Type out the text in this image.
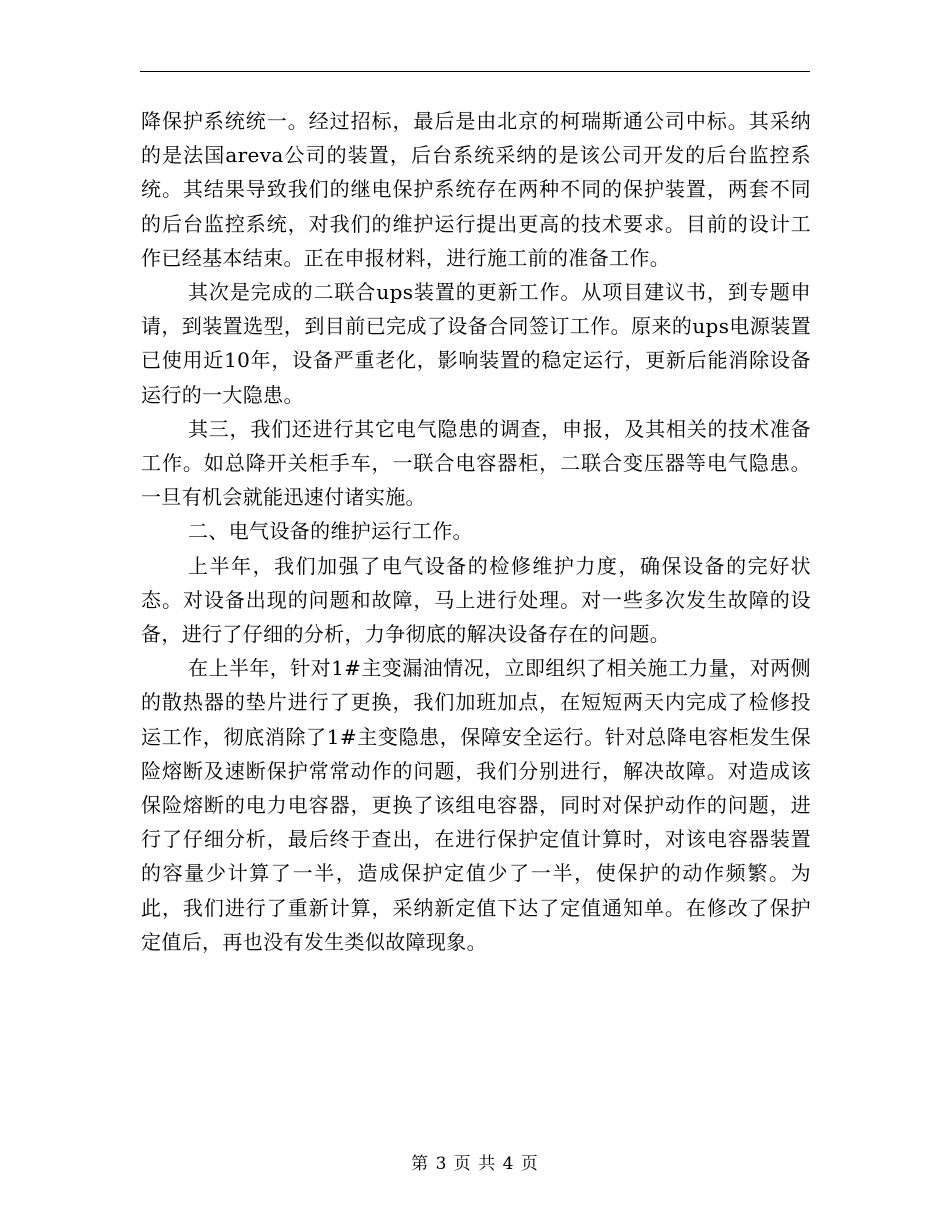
降保护系统统一。经过招标，最后是由北京的柯瑞斯通公司中标。其采纳的是法国areva公司的装置，后台系统采纳的是该公司开发的后台监控系统。其结果导致我们的继电保护系统存在两种不同的保护装置，两套不同的后台监控系统，对我们的维护运行提出更高的技术要求。目前的设计工作已经基本结束。正在申报材料，进行施工前的准备工作。

其次是完成的二联合ups装置的更新工作。从项目建议书，到专题申请，到装置选型，到目前已完成了设备合同签订工作。原来的ups电源装置已使用近10年，设备严重老化，影响装置的稳定运行，更新后能消除设备运行的一大隐患。

其三，我们还进行其它电气隐患的调查，申报，及其相关的技术准备工作。如总降开关柜手车，一联合电容器柜，二联合变压器等电气隐患。一旦有机会就能迅速付诸实施。

二、电气设备的维护运行工作。

上半年，我们加强了电气设备的检修维护力度，确保设备的完好状态。对设备出现的问题和故障，马上进行处理。对一些多次发生故障的设备，进行了仔细的分析，力争彻底的解决设备存在的问题。

在上半年，针对1#主变漏油情况，立即组织了相关施工力量，对两侧的散热器的垫片进行了更换，我们加班加点，在短短两天内完成了检修投运工作，彻底消除了1#主变隐患，保障安全运行。针对总降电容柜发生保险熔断及速断保护常常动作的问题，我们分别进行，解决故障。对造成该保险熔断的电力电容器，更换了该组电容器，同时对保护动作的问题，进行了仔细分析，最后终于查出，在进行保护定值计算时，对该电容器装置的容量少计算了一半，造成保护定值少了一半，使保护的动作频繁。为此，我们进行了重新计算，采纳新定值下达了定值通知单。在修改了保护定值后，再也没有发生类似故障现象。

第 3 页 共 4 页
